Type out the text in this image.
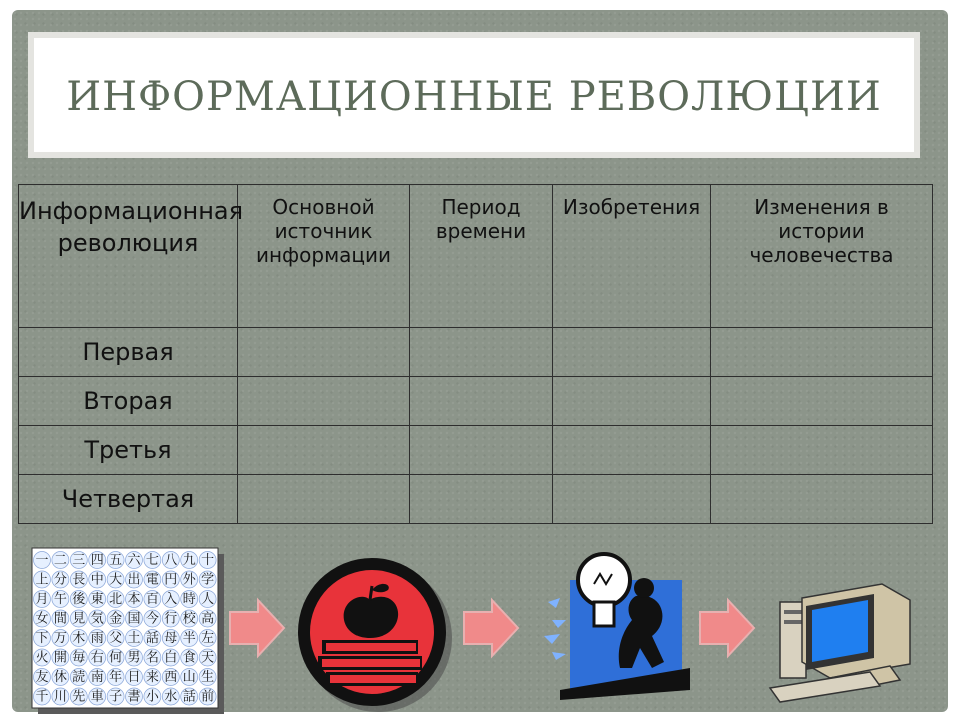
ИНФОРМАЦИОННЫЕ РЕВОЛЮЦИИ
Информационная революция	Основной источник информации	Период времени	Изобретения	Изменения в истории человечества
Первая				
Вторая				
Третья				
Четвертая				
一 二 三 四 五 六 七 八 九 十
上 分 長 中 大 出 電 円 外 学
月 午 後 東 北 本 百 入 時 人
女 間 見 気 金 国 今 行 校 高
下 万 木 雨 父 土 話 母 半 左
火 開 毎 右 何 男 名 白 食 天
友 休 読 南 年 日 来 西 山 生
千 川 先 車 子 書 小 水 話 前
